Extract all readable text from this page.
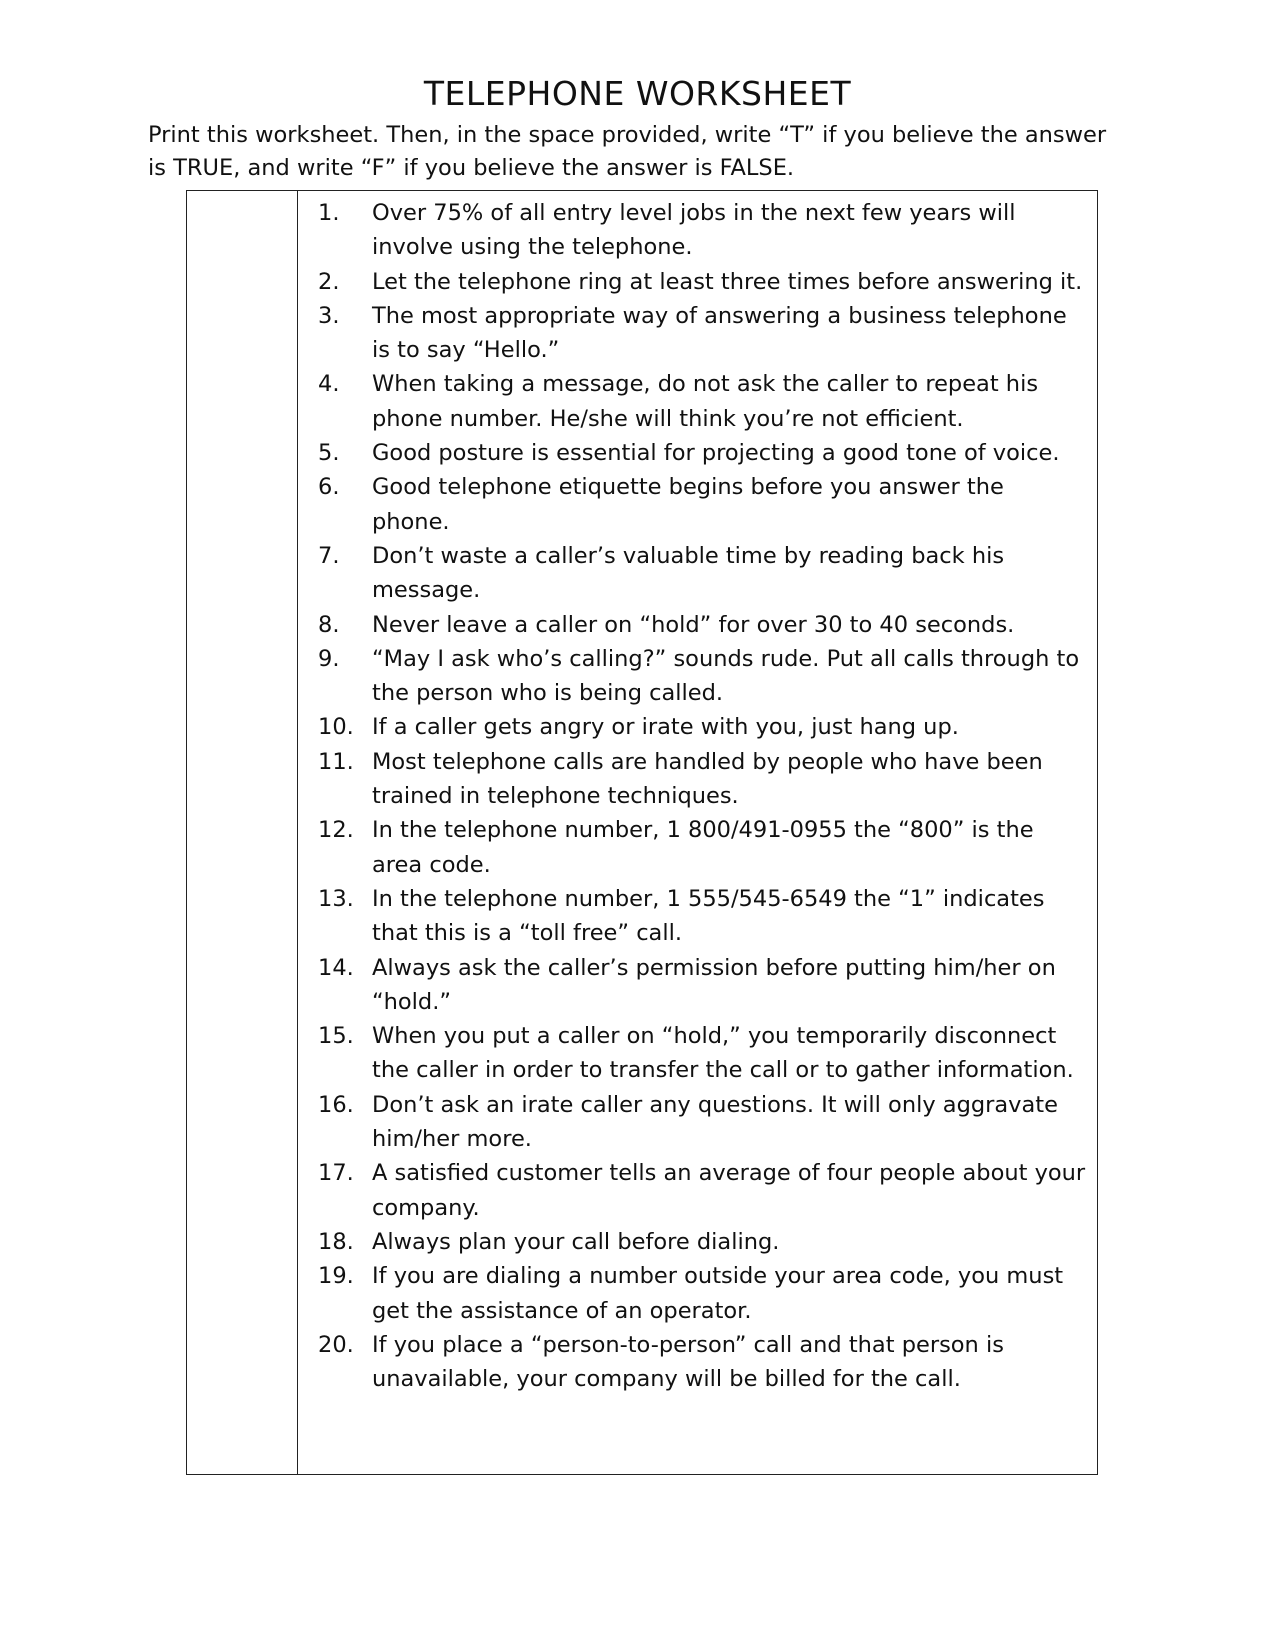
TELEPHONE WORKSHEET

Print this worksheet. Then, in the space provided, write “T” if you believe the answer is TRUE, and write “F” if you believe the answer is FALSE.

1.	Over 75% of all entry level jobs in the next few years will involve using the telephone.
2.	Let the telephone ring at least three times before answering it.
3.	The most appropriate way of answering a business telephone is to say “Hello.”
4.	When taking a message, do not ask the caller to repeat his phone number. He/she will think you’re not efficient.
5.	Good posture is essential for projecting a good tone of voice.
6.	Good telephone etiquette begins before you answer the phone.
7.	Don’t waste a caller’s valuable time by reading back his message.
8.	Never leave a caller on “hold” for over 30 to 40 seconds.
9.	“May I ask who’s calling?” sounds rude. Put all calls through to the person who is being called.
10. If a caller gets angry or irate with you, just hang up.
11. Most telephone calls are handled by people who have been trained in telephone techniques.
12. In the telephone number, 1 800/491-0955 the “800” is the area code.
13. In the telephone number, 1 555/545-6549 the “1” indicates that this is a “toll free” call.
14. Always ask the caller’s permission before putting him/her on “hold.”
15. When you put a caller on “hold,” you temporarily disconnect the caller in order to transfer the call or to gather information.
16. Don’t ask an irate caller any questions. It will only aggravate him/her more.
17. A satisfied customer tells an average of four people about your company.
18. Always plan your call before dialing.
19. If you are dialing a number outside your area code, you must get the assistance of an operator.
20. If you place a “person-to-person” call and that person is unavailable, your company will be billed for the call.
